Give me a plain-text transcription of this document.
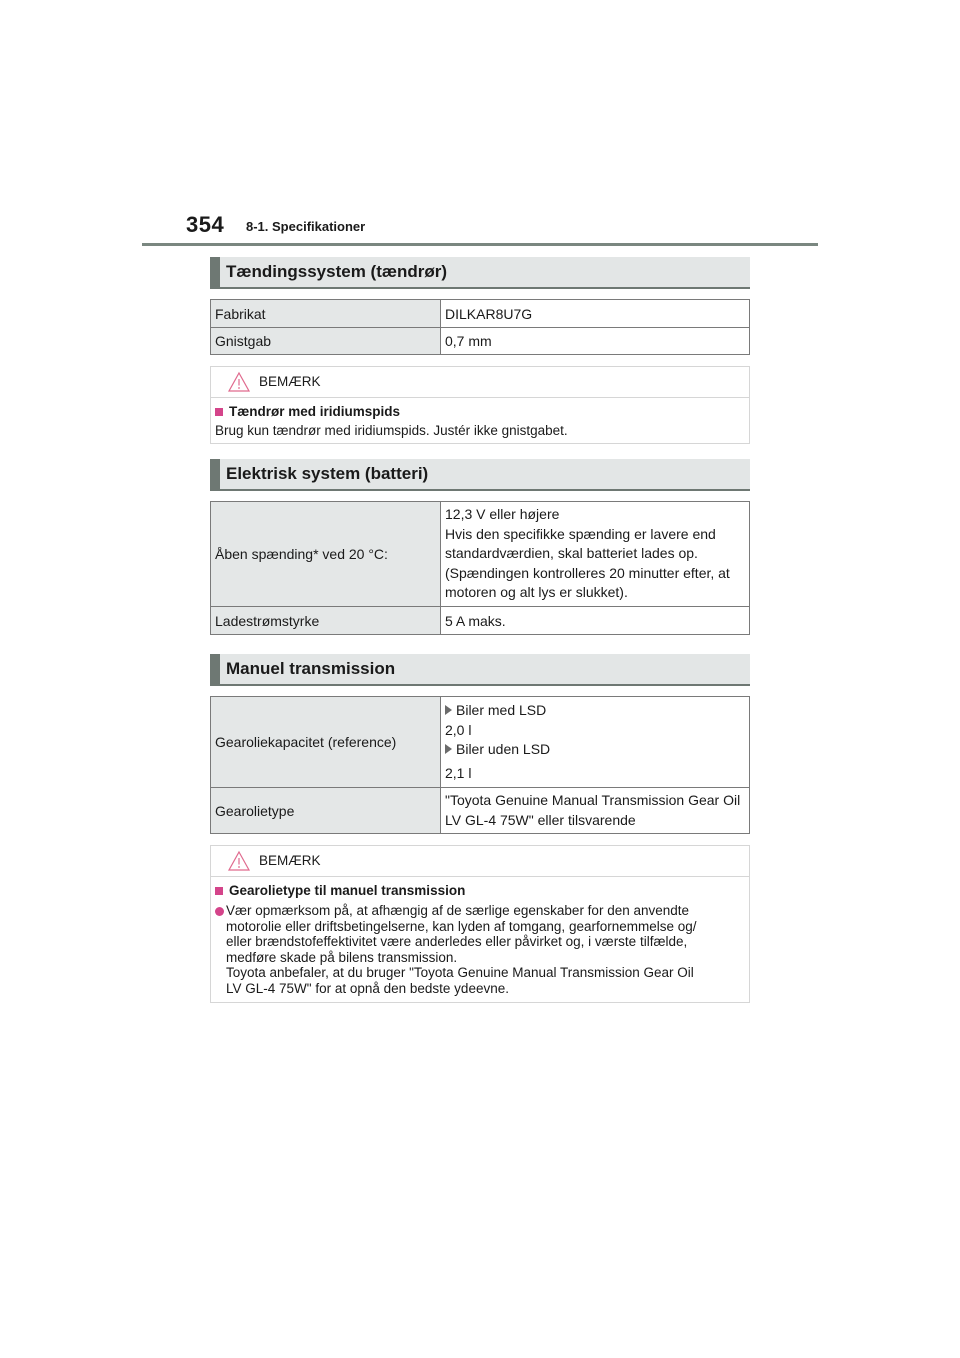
354 8-1. Specifikationer
Tændingssystem (tændrør)
Fabrikat	DILKAR8U7G
Gnistgab	0,7 mm
BEMÆRK
Tændrør med iridiumspids
Brug kun tændrør med iridiumspids. Justér ikke gnistgabet.
Elektrisk system (batteri)
Åben spænding* ved 20 °C:	12,3 V eller højere
Hvis den specifikke spænding er lavere end
standardværdien, skal batteriet lades op.
(Spændingen kontrolleres 20 minutter efter, at
motoren og alt lys er slukket).

Ladestrømstyrke	5 A maks.
Manuel transmission
Gearoliekapacitet (reference)	Biler med LSD
2,0 l
Biler uden LSD
2,1 l

Gearolietype	"Toyota Genuine Manual Transmission Gear Oil
LV GL-4 75W" eller tilsvarende
BEMÆRK
Gearolietype til manuel transmission
Vær opmærksom på, at afhængig af de særlige egenskaber for den anvendte
motorolie eller driftsbetingelserne, kan lyden af tomgang, gearfornemmelse og/
eller brændstofeffektivitet være anderledes eller påvirket og, i værste tilfælde,
medføre skade på bilens transmission.
Toyota anbefaler, at du bruger "Toyota Genuine Manual Transmission Gear Oil
LV GL-4 75W" for at opnå den bedste ydeevne.
